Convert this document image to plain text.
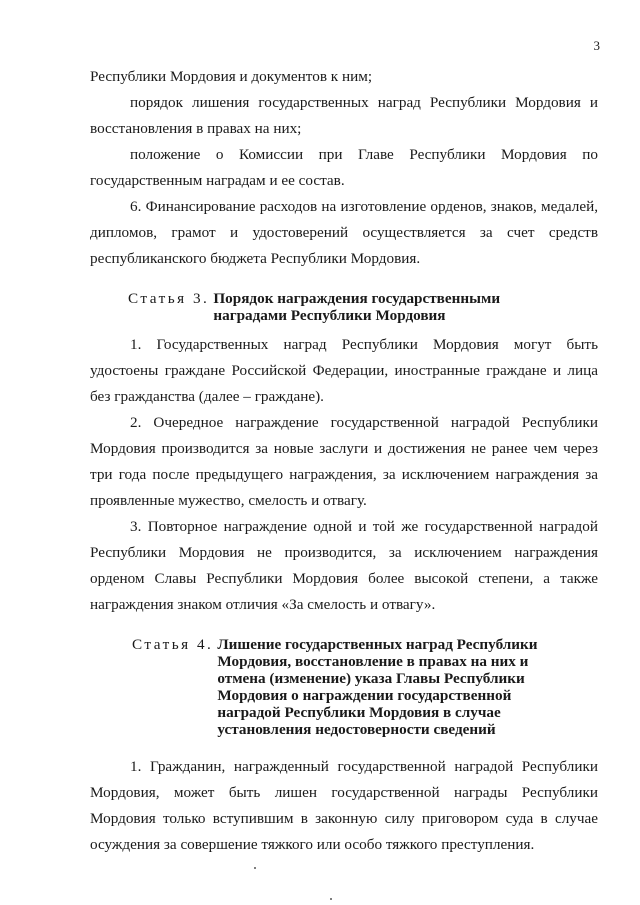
3

Республики Мордовия и документов к ним;

порядок лишения государственных наград Республики Мордовия и восстановления в правах на них;

положение о Комиссии при Главе Республики Мордовия по государственным наградам и ее состав.

6. Финансирование расходов на изготовление орденов, знаков, медалей, дипломов, грамот и удостоверений осуществляется за счет средств республиканского бюджета Республики Мордовия.

Статья 3. Порядок награждения государственными наградами Республики Мордовия

1. Государственных наград Республики Мордовия могут быть удостоены граждане Российской Федерации, иностранные граждане и лица без гражданства (далее – граждане).

2. Очередное награждение государственной наградой Республики Мордовия производится за новые заслуги и достижения не ранее чем через три года после предыдущего награждения, за исключением награждения за проявленные мужество, смелость и отвагу.

3. Повторное награждение одной и той же государственной наградой Республики Мордовия не производится, за исключением награждения орденом Славы Республики Мордовия более высокой степени, а также награждения знаком отличия «За смелость и отвагу».

Статья 4. Лишение государственных наград Республики Мордовия, восстановление в правах на них и отмена (изменение) указа Главы Республики Мордовия о награждении государственной наградой Республики Мордовия в случае установления недостоверности сведений

1. Гражданин, награжденный государственной наградой Республики Мордовия, может быть лишен государственной награды Республики Мордовия только вступившим в законную силу приговором суда в случае осуждения за совершение тяжкого или особо тяжкого преступления.
